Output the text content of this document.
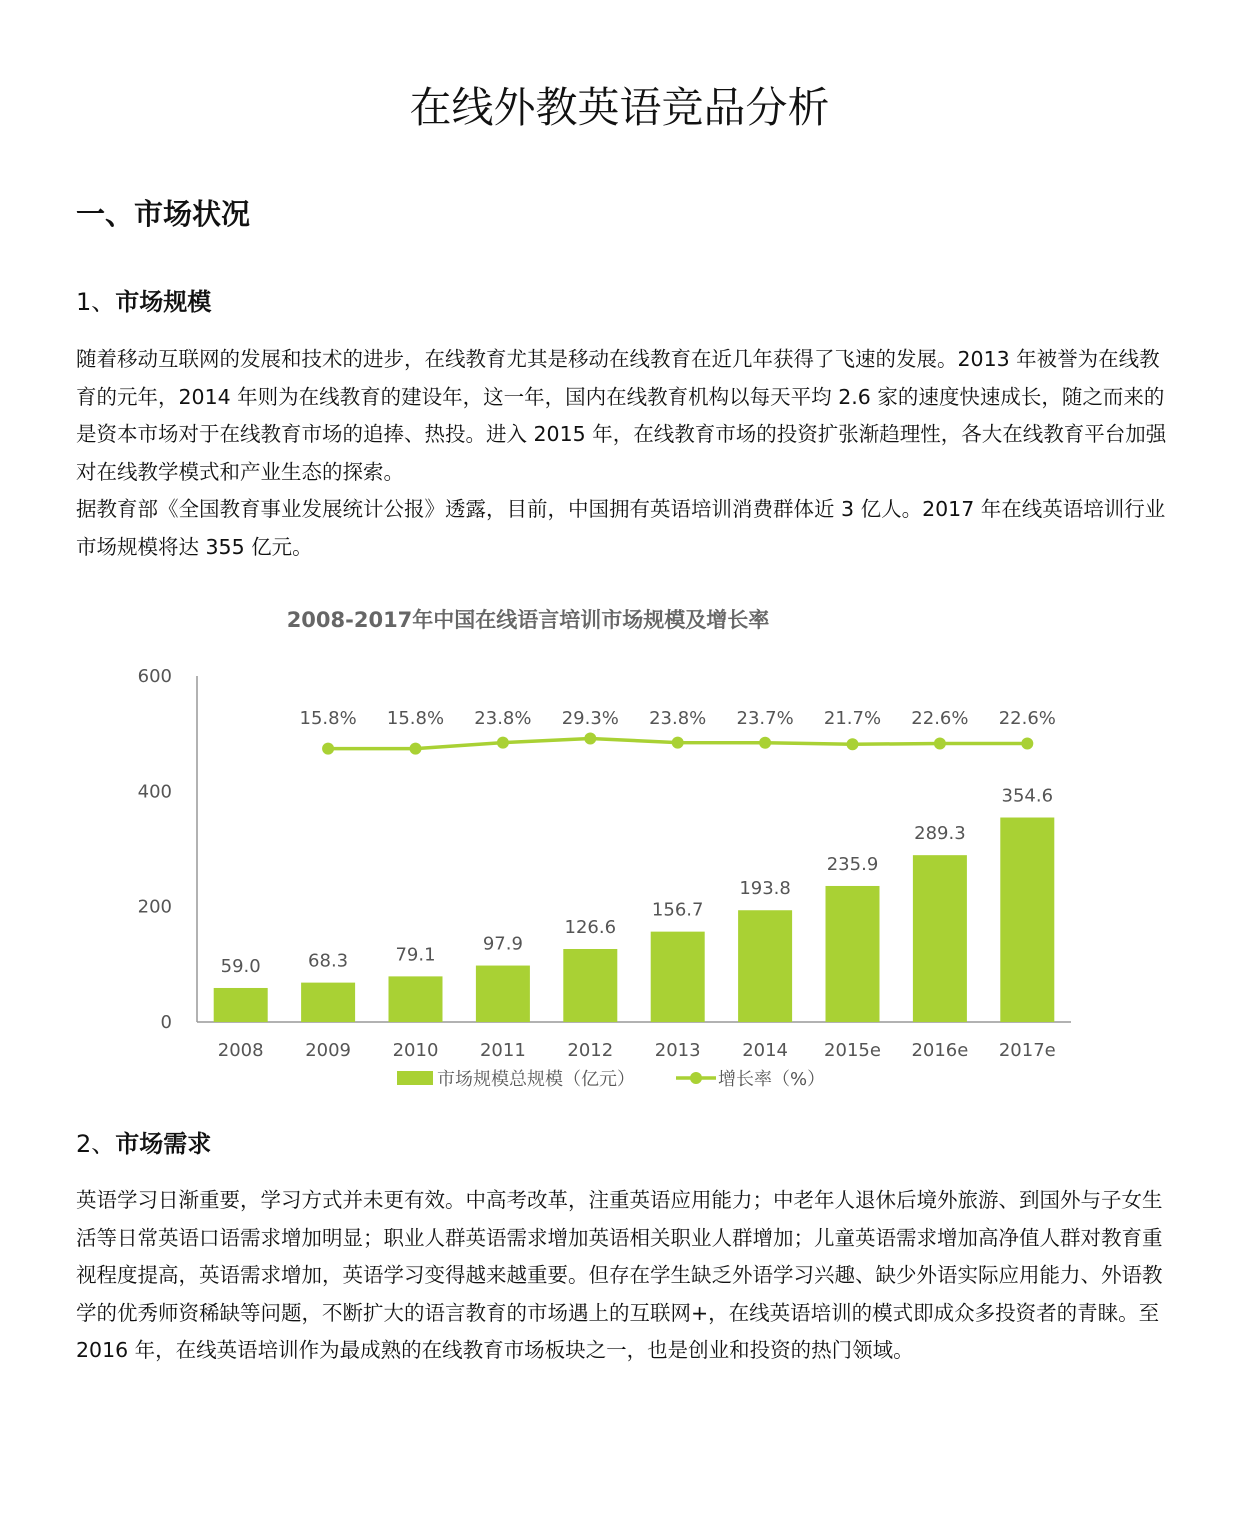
在线外教英语竞品分析
一、市场状况
1、市场规模

随着移动互联网的发展和技术的进步，在线教育尤其是移动在线教育在近几年获得了飞速的发展。2013 年被誉为在线教育的元年，2014 年则为在线教育的建设年，这一年，国内在线教育机构以每天平均 2.6 家的速度快速成长，随之而来的是资本市场对于在线教育市场的追捧、热投。进入 2015 年，在线教育市场的投资扩张渐趋理性，各大在线教育平台加强对在线教学模式和产业生态的探索。

据教育部《全国教育事业发展统计公报》透露，目前，中国拥有英语培训消费群体近 3 亿人。2017 年在线英语培训行业市场规模将达 355 亿元。

2008-2017年中国在线语言培训市场规模及增长率
0
200
400
600
59.0	68.3	79.1
97.9
126.6
156.7
193.8
235.9
289.3
354.6
2008 2009 2010 2011 2012 2013 2014 2015e 2016e 2017e
15.8% 15.8% 23.8% 29.3% 23.8% 23.7% 21.7% 22.6% 22.6%
市场规模总规模（亿元）	增长率（%）
2、市场需求

英语学习日渐重要，学习方式并未更有效。中高考改革，注重英语应用能力；中老年人退休后境外旅游、到国外与子女生活等日常英语口语需求增加明显；职业人群英语需求增加英语相关职业人群增加；儿童英语需求增加高净值人群对教育重视程度提高，英语需求增加，英语学习变得越来越重要。但存在学生缺乏外语学习兴趣、缺少外语实际应用能力、外语教学的优秀师资稀缺等问题，不断扩大的语言教育的市场遇上的互联网+，在线英语培训的模式即成众多投资者的青睐。至 2016 年，在线英语培训作为最成熟的在线教育市场板块之一，也是创业和投资的热门领域。
